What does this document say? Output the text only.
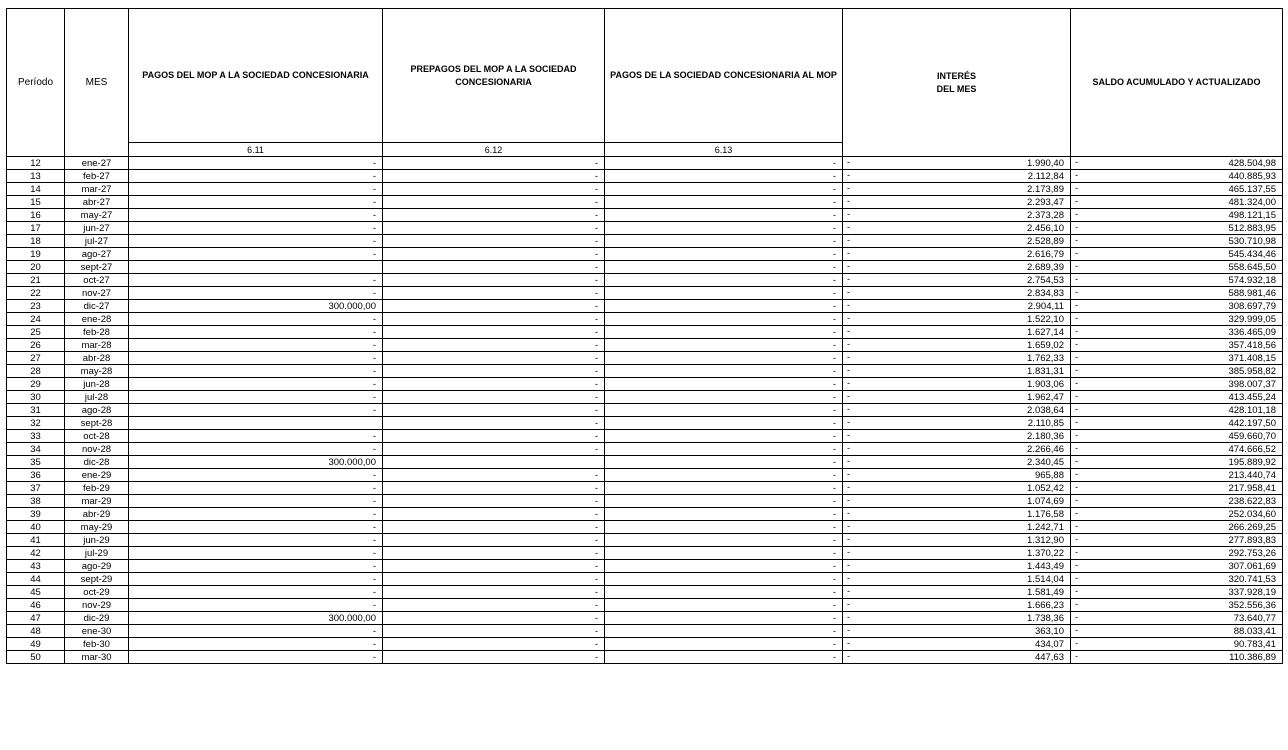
Período	MES	PAGOS DEL MOP A LA SOCIEDAD CONCESIONARIA	PREPAGOS DEL MOP A LA SOCIEDAD CONCESIONARIA	PAGOS DE LA SOCIEDAD CONCESIONARIA AL MOP	INTERÉS
DEL MES	SALDO ACUMULADO Y ACTUALIZADO
		6.11	6.12	6.13		
12	ene-27	-	-	-	- 1.990,40	- 428.504,98
13	feb-27	-	-	-	- 2.112,84	- 440.885,93
14	mar-27	-	-	-	- 2.173,89	- 465.137,55
15	abr-27	-	-	-	- 2.293,47	- 481.324,00
16	may-27	-	-	-	- 2.373,28	- 498.121,15
17	jun-27	-	-	-	- 2.456,10	- 512.883,95
18	jul-27	-	-	-	- 2.528,89	- 530.710,98
19	ago-27	-	-	-	- 2.616,79	- 545.434,46
20	sept-27		-	-	- 2.689,39	- 558.645,50
21	oct-27	-	-	-	- 2.754,53	- 574.932,18
22	nov-27	-	-	-	- 2.834,83	- 588.981,46
23	dic-27	300.000,00	-	-	- 2.904,11	- 308.697,79
24	ene-28	-	-	-	- 1.522,10	- 329.999,05
25	feb-28	-	-	-	- 1.627,14	- 336.465,09
26	mar-28	-	-	-	- 1.659,02	- 357.418,56
27	abr-28	-	-	-	- 1.762,33	- 371.408,15
28	may-28	-	-	-	- 1.831,31	- 385.958,82
29	jun-28	-	-	-	- 1.903,06	- 398.007,37
30	jul-28	-	-	-	- 1.962,47	- 413.455,24
31	ago-28	-	-	-	- 2.038,64	- 428.101,18
32	sept-28		-	-	- 2.110,85	- 442.197,50
33	oct-28	-	-	-	- 2.180,36	- 459.660,70
34	nov-28	-	-	-	- 2.266,46	- 474.666,52
35	dic-28	300.000,00		-	- 2.340,45	- 195.889,92
36	ene-29	-	-	-	- 965,88	- 213.440,74
37	feb-29	-	-	-	- 1.052,42	- 217.958,41
38	mar-29	-	-	-	- 1.074,69	- 238.622,83
39	abr-29	-	-	-	- 1.176,58	- 252.034,60
40	may-29	-	-	-	- 1.242,71	- 266.269,25
41	jun-29	-	-	-	- 1.312,90	- 277.893,83
42	jul-29	-	-	-	- 1.370,22	- 292.753,26
43	ago-29	-	-	-	- 1.443,49	- 307.061,69
44	sept-29	-	-	-	- 1.514,04	- 320.741,53
45	oct-29	-	-	-	- 1.581,49	- 337.928,19
46	nov-29	-	-	-	- 1.666,23	- 352.556,36
47	dic-29	300.000,00	-	-	- 1.738,36	- 73.640,77
48	ene-30	-	-	-	- 363,10	- 88.033,41
49	feb-30	-	-	-	- 434,07	- 90.783,41
50	mar-30	-	-	-	- 447,63	- 110.386,89
